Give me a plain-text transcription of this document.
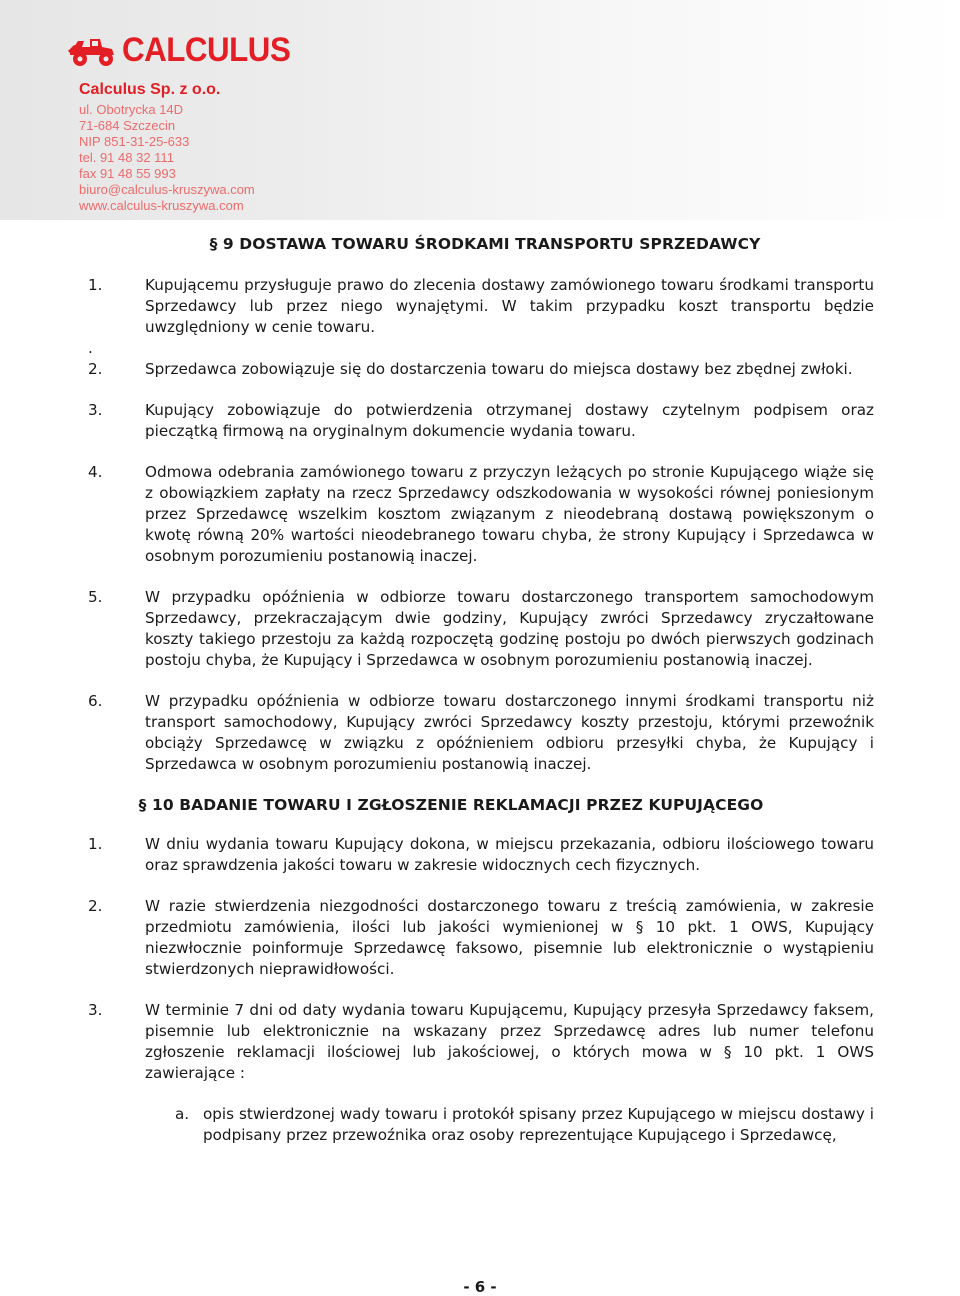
CALCULUS
Calculus Sp. z o.o.
ul. Obotrycka 14D
71-684 Szczecin
NIP 851-31-25-633
tel. 91 48 32 111
fax 91 48 55 993
biuro@calculus-kruszywa.com
www.calculus-kruszywa.com
§ 9 DOSTAWA TOWARU ŚRODKAMI TRANSPORTU SPRZEDAWCY
1.	Kupującemu przysługuje prawo do zlecenia dostawy zamówionego towaru środkami transportu Sprzedawcy lub przez niego wynajętymi. W takim przypadku koszt transportu będzie uwzględniony w cenie towaru.
.
2.	Sprzedawca zobowiązuje się do dostarczenia towaru do miejsca dostawy bez zbędnej zwłoki.
3.	Kupujący zobowiązuje do potwierdzenia otrzymanej dostawy czytelnym podpisem oraz pieczątką firmową na oryginalnym dokumencie wydania towaru.
4.	Odmowa odebrania zamówionego towaru z przyczyn leżących po stronie Kupującego wiąże się z obowiązkiem zapłaty na rzecz Sprzedawcy odszkodowania w wysokości równej poniesionym przez Sprzedawcę wszelkim kosztom związanym z nieodebraną dostawą powiększonym o kwotę równą 20% wartości nieodebranego towaru chyba, że strony Kupujący i Sprzedawca w osobnym porozumieniu postanowią inaczej.
5.	W przypadku opóźnienia w odbiorze towaru dostarczonego transportem samochodowym Sprzedawcy, przekraczającym dwie godziny, Kupujący zwróci Sprzedawcy zryczałtowane koszty takiego przestoju za każdą rozpoczętą godzinę postoju po dwóch pierwszych godzinach postoju chyba, że Kupujący i Sprzedawca w osobnym porozumieniu postanowią inaczej.
6.	W przypadku opóźnienia w odbiorze towaru dostarczonego innymi środkami transportu niż transport samochodowy, Kupujący zwróci Sprzedawcy koszty przestoju, którymi przewoźnik obciąży Sprzedawcę w związku z opóźnieniem odbioru przesyłki chyba, że Kupujący i Sprzedawca w osobnym porozumieniu postanowią inaczej.
§ 10 BADANIE TOWARU I ZGŁOSZENIE REKLAMACJI PRZEZ KUPUJĄCEGO
1.	W dniu wydania towaru Kupujący dokona, w miejscu przekazania, odbioru ilościowego towaru oraz sprawdzenia jakości towaru w zakresie widocznych cech fizycznych.
2.	W razie stwierdzenia niezgodności dostarczonego towaru z treścią zamówienia, w zakresie przedmiotu zamówienia, ilości lub jakości wymienionej w § 10 pkt. 1 OWS, Kupujący niezwłocznie poinformuje Sprzedawcę faksowo, pisemnie lub elektronicznie o wystąpieniu stwierdzonych nieprawidłowości.
3.	W terminie 7 dni od daty wydania towaru Kupującemu, Kupujący przesyła Sprzedawcy faksem, pisemnie lub elektronicznie na wskazany przez Sprzedawcę adres lub numer telefonu zgłoszenie reklamacji ilościowej lub jakościowej, o których mowa w § 10 pkt. 1 OWS zawierające :
a. opis stwierdzonej wady towaru i protokół spisany przez Kupującego w miejscu dostawy i podpisany przez przewoźnika oraz osoby reprezentujące Kupującego i Sprzedawcę,
- 6 -
